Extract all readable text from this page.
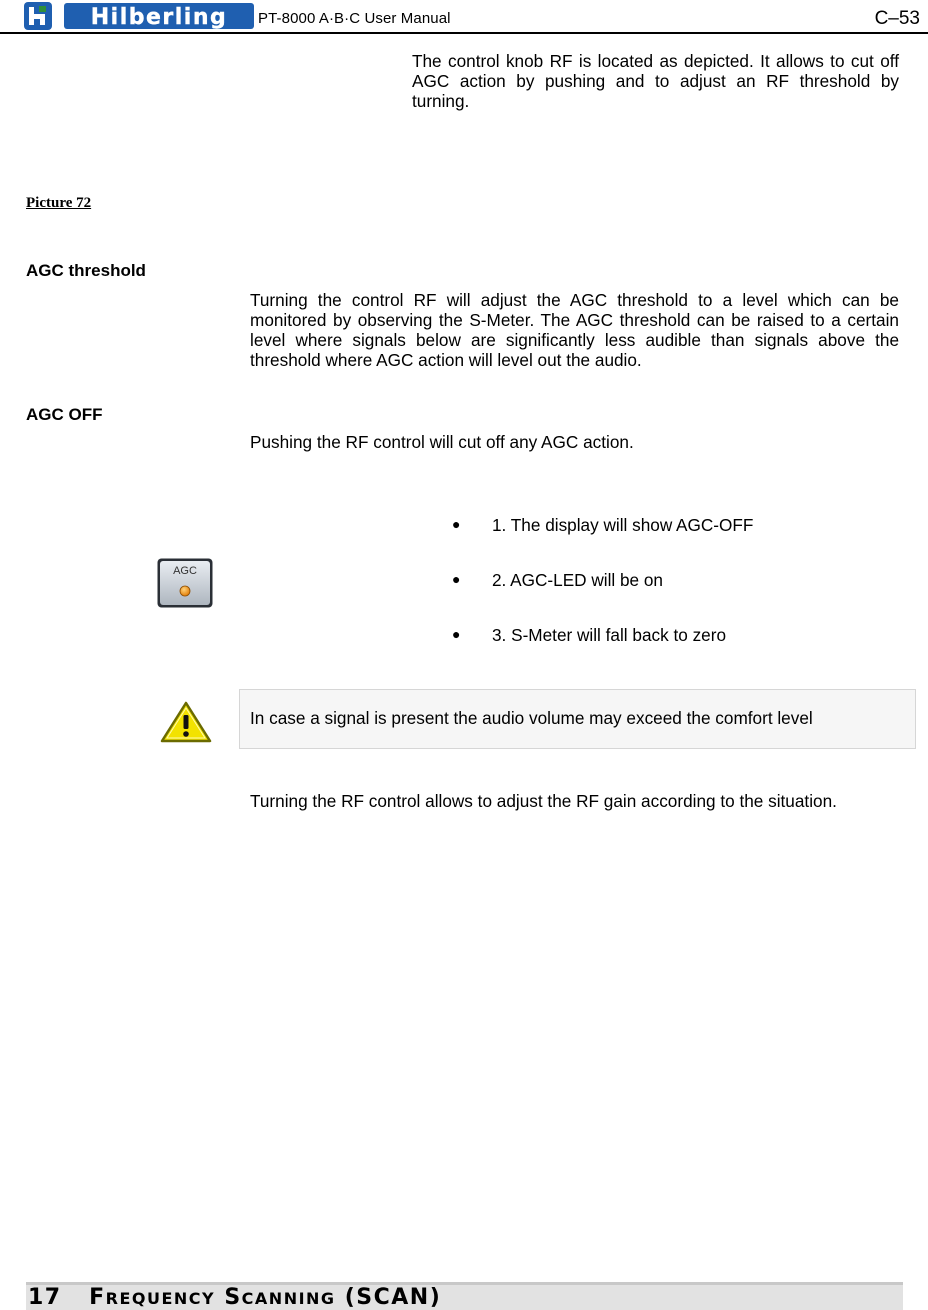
Hilberling PT-8000 A·B·C User Manual	C–53
The control knob RF is located as depicted. It allows to cut off AGC action by pushing and to adjust an RF threshold by turning.
Picture 72
AGC threshold
Turning the control RF will adjust the AGC threshold to a level which can be monitored by observing the S-Meter. The AGC threshold can be raised to a certain level where signals below are significantly less audible than signals above the threshold where AGC action will level out the audio.
AGC OFF
Pushing the RF control will cut off any AGC action.
●	1. The display will show AGC-OFF
●	2. AGC-LED will be on
●	3. S-Meter will fall back to zero
AGC
In case a signal is present the audio volume may exceed the comfort level
Turning the RF control allows to adjust the RF gain according to the situation.
17 FREQUENCY SCANNING (SCAN)
